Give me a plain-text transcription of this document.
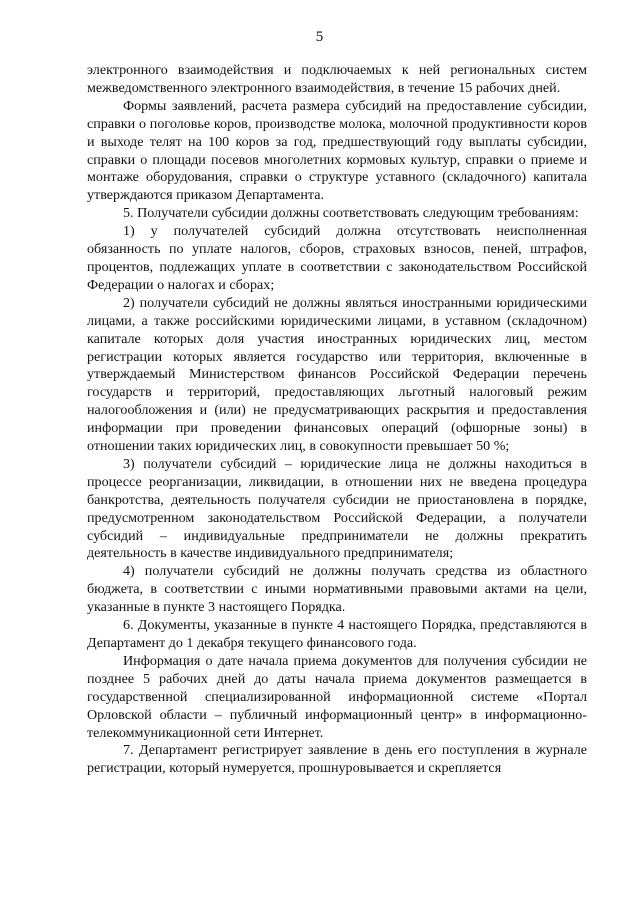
5

электронного взаимодействия и подключаемых к ней региональных систем межведомственного электронного взаимодействия, в течение 15 рабочих дней.

Формы заявлений, расчета размера субсидий на предоставление субсидии, справки о поголовье коров, производстве молока, молочной продуктивности коров и выходе телят на 100 коров за год, предшествующий году выплаты субсидии, справки о площади посевов многолетних кормовых культур, справки о приеме и монтаже оборудования, справки о структуре уставного (складочного) капитала утверждаются приказом Департамента.

5. Получатели субсидии должны соответствовать следующим требованиям:

1) у получателей субсидий должна отсутствовать неисполненная обязанность по уплате налогов, сборов, страховых взносов, пеней, штрафов, процентов, подлежащих уплате в соответствии с законодательством Российской Федерации о налогах и сборах;

2) получатели субсидий не должны являться иностранными юридическими лицами, а также российскими юридическими лицами, в уставном (складочном) капитале которых доля участия иностранных юридических лиц, местом регистрации которых является государство или территория, включенные в утверждаемый Министерством финансов Российской Федерации перечень государств и территорий, предоставляющих льготный налоговый режим налогообложения и (или) не предусматривающих раскрытия и предоставления информации при проведении финансовых операций (офшорные зоны) в отношении таких юридических лиц, в совокупности превышает 50 %;

3) получатели субсидий – юридические лица не должны находиться в процессе реорганизации, ликвидации, в отношении них не введена процедура банкротства, деятельность получателя субсидии не приостановлена в порядке, предусмотренном законодательством Российской Федерации, а получатели субсидий – индивидуальные предприниматели не должны прекратить деятельность в качестве индивидуального предпринимателя;

4) получатели субсидий не должны получать средства из областного бюджета, в соответствии с иными нормативными правовыми актами на цели, указанные в пункте 3 настоящего Порядка.

6. Документы, указанные в пункте 4 настоящего Порядка, представляются в Департамент до 1 декабря текущего финансового года.

Информация о дате начала приема документов для получения субсидии не позднее 5 рабочих дней до даты начала приема документов размещается в государственной специализированной информационной системе «Портал Орловской области – публичный информационный центр» в информационно-телекоммуникационной сети Интернет.

7. Департамент регистрирует заявление в день его поступления в журнале регистрации, который нумеруется, прошнуровывается и скрепляется
